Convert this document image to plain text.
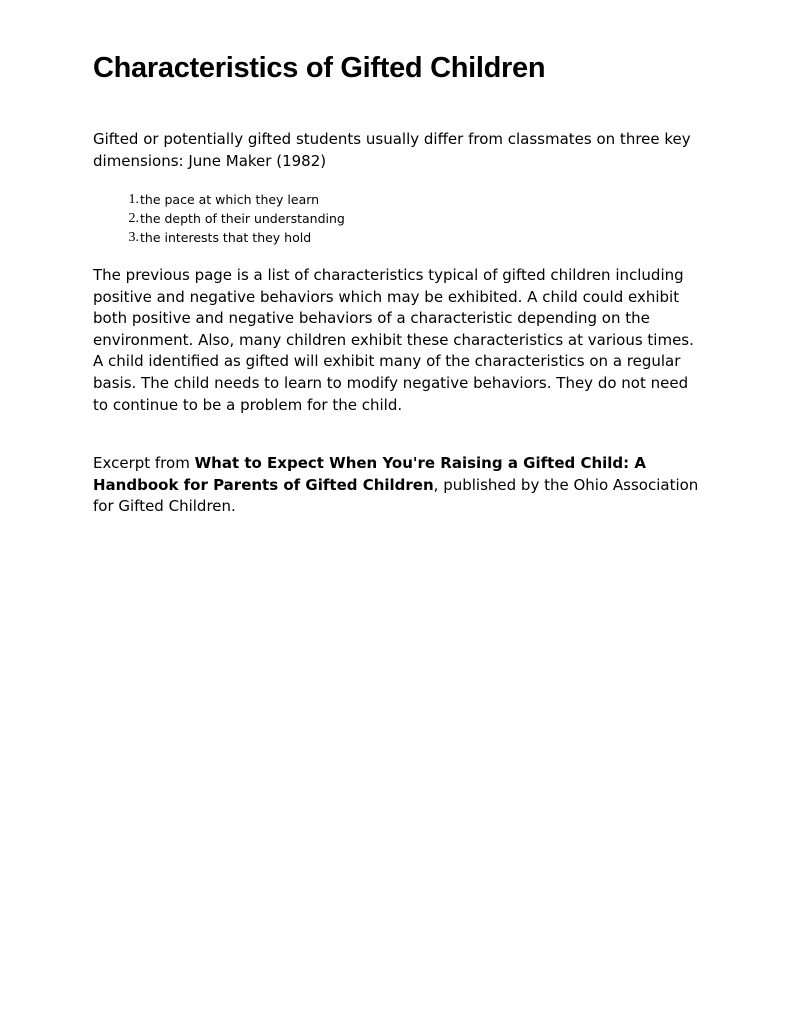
Characteristics of Gifted Children

Gifted or potentially gifted students usually differ from classmates on three key dimensions: June Maker (1982)

1. the pace at which they learn
2. the depth of their understanding
3. the interests that they hold

The previous page is a list of characteristics typical of gifted children including positive and negative behaviors which may be exhibited. A child could exhibit both positive and negative behaviors of a characteristic depending on the environment. Also, many children exhibit these characteristics at various times. A child identified as gifted will exhibit many of the characteristics on a regular basis. The child needs to learn to modify negative behaviors. They do not need to continue to be a problem for the child.

Excerpt from What to Expect When You're Raising a Gifted Child: A Handbook for Parents of Gifted Children, published by the Ohio Association for Gifted Children.
